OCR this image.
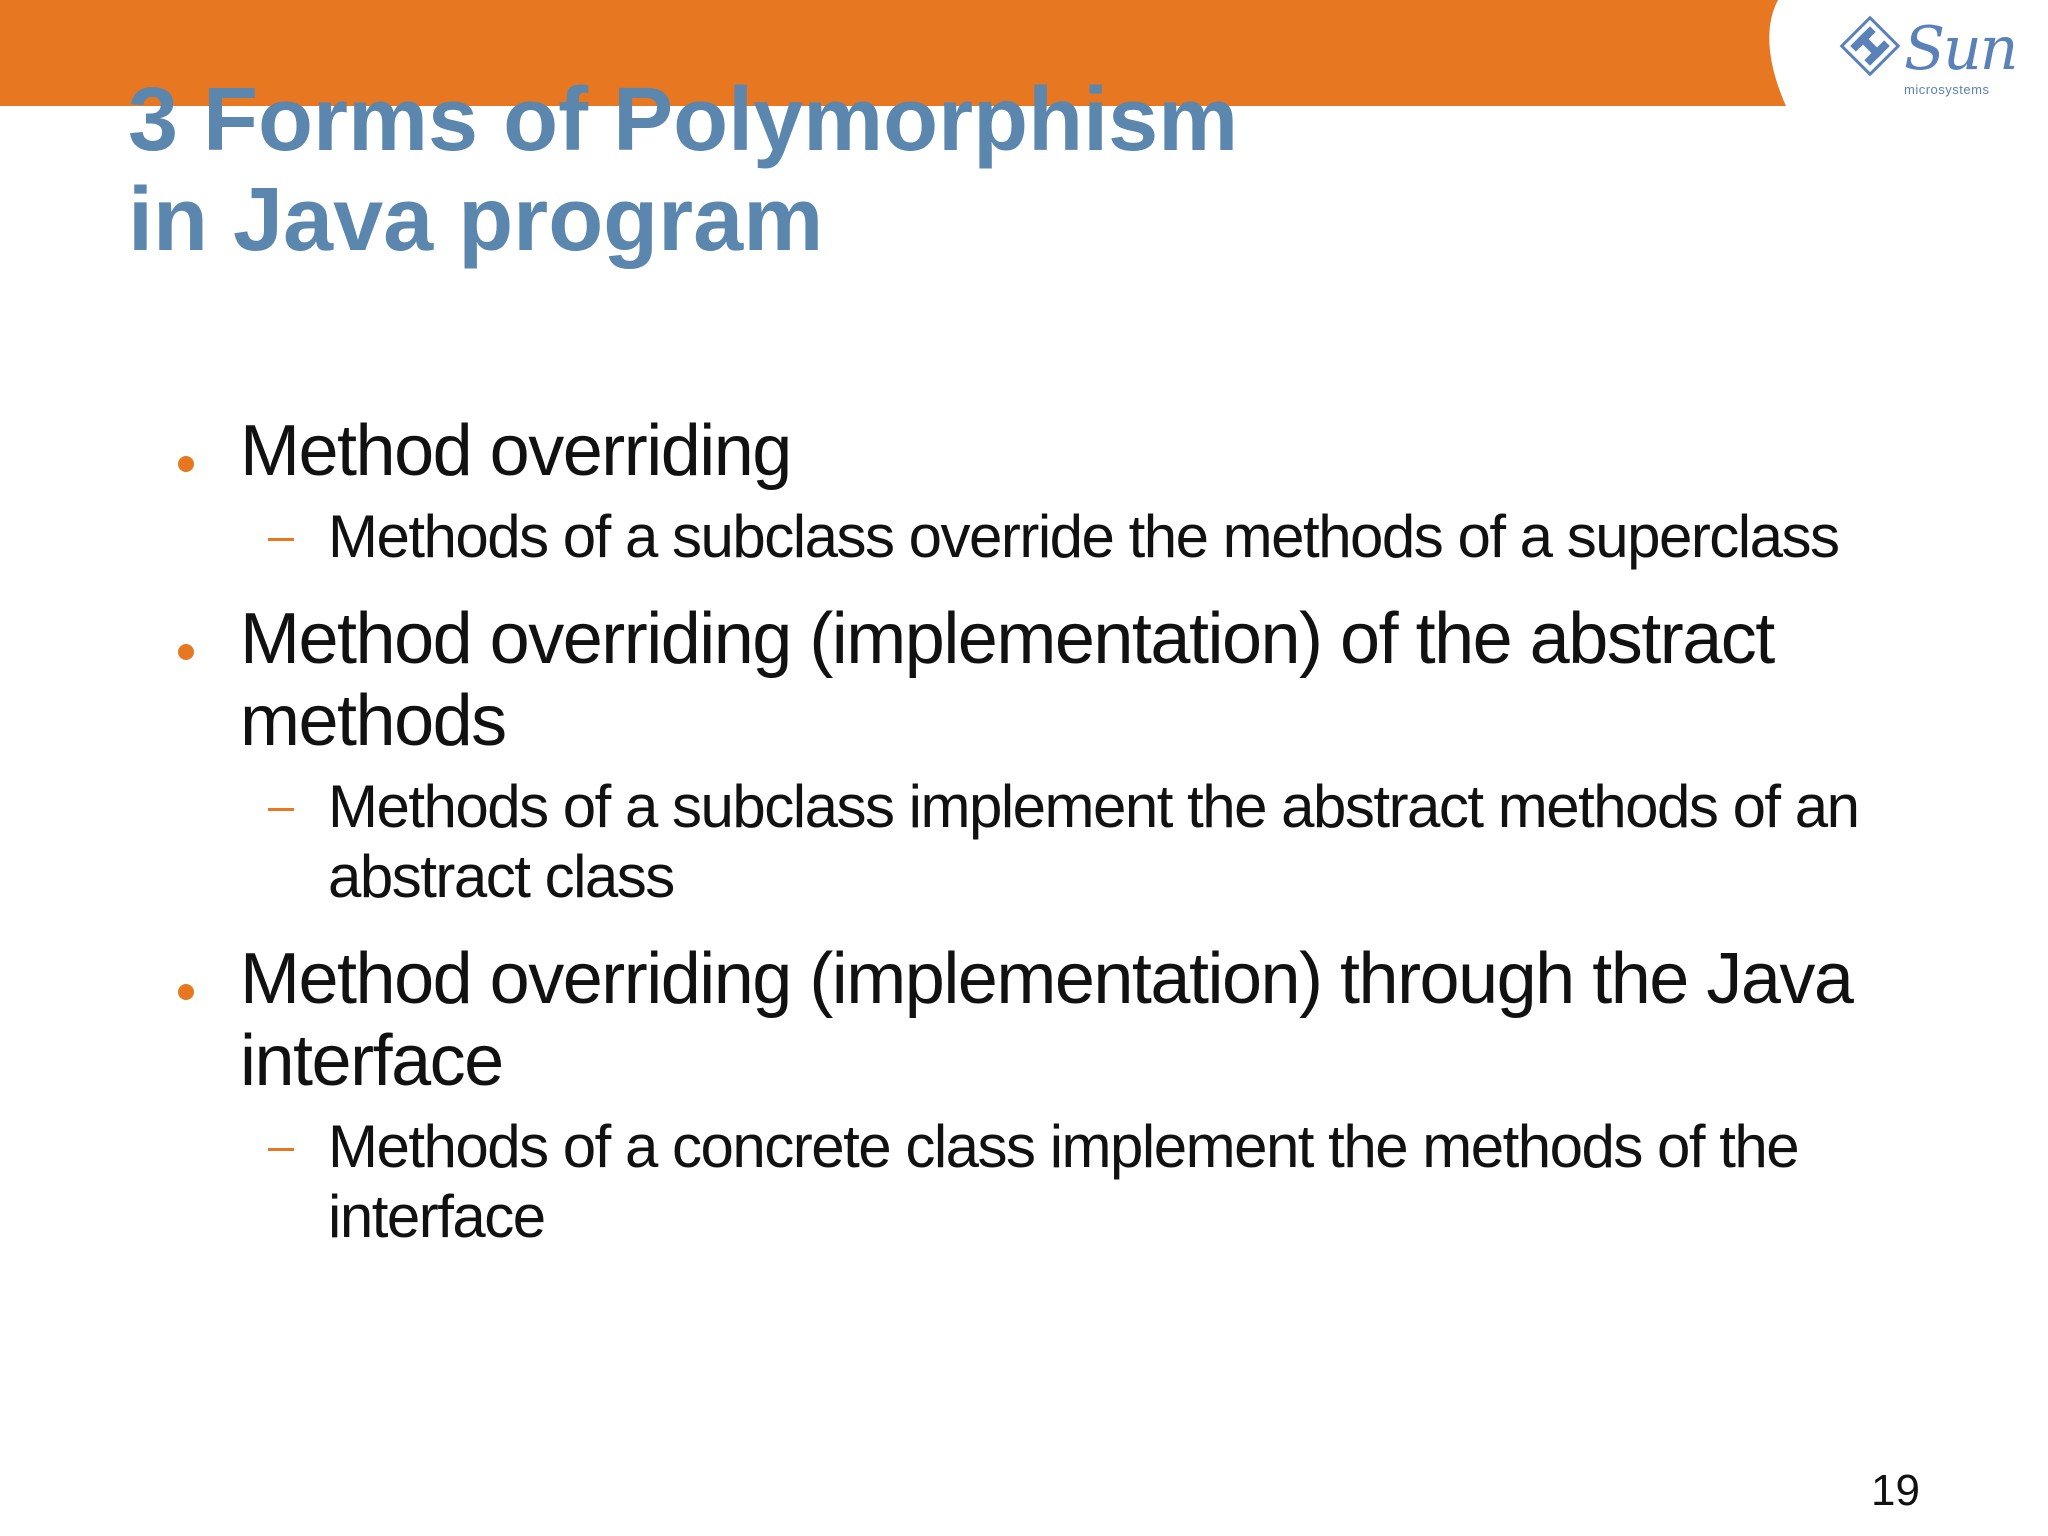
Sun
microsystems
3 Forms of Polymorphism
in Java program
Method overriding
Methods of a subclass override the methods of a superclass
Method overriding (implementation) of the abstract methods
Methods of a subclass implement the abstract methods of an abstract class
Method overriding (implementation) through the Java interface
Methods of a concrete class implement the methods of the interface
19
